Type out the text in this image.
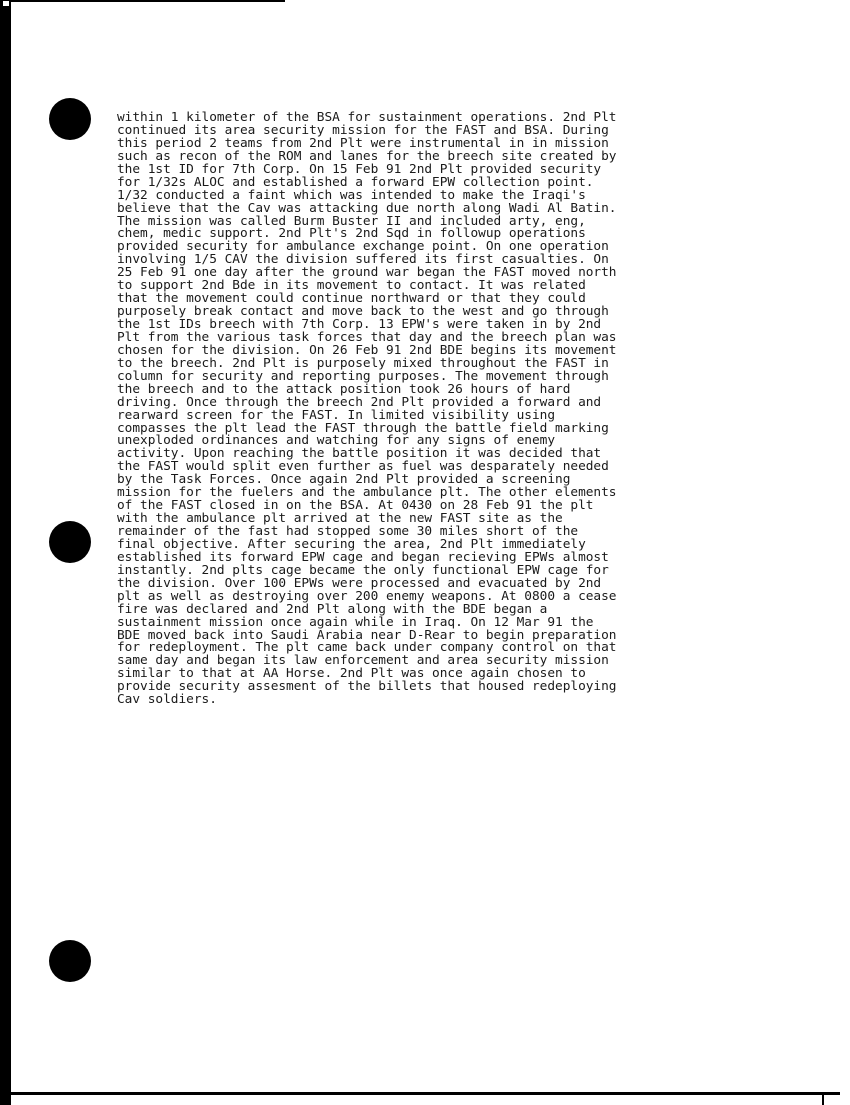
within 1 kilometer of the BSA for sustainment operations. 2nd Plt
continued its area security mission for the FAST and BSA. During
this period 2 teams from 2nd Plt were instrumental in in mission
such as recon of the ROM and lanes for the breech site created by
the 1st ID for 7th Corp. On 15 Feb 91 2nd Plt provided security
for 1/32s ALOC and established a forward EPW collection point.
1/32 conducted a faint which was intended to make the Iraqi's
believe that the Cav was attacking due north along Wadi Al Batin.
The mission was called Burm Buster II and included arty, eng,
chem, medic support. 2nd Plt's 2nd Sqd in followup operations
provided security for ambulance exchange point. On one operation
involving 1/5 CAV the division suffered its first casualties. On
25 Feb 91 one day after the ground war began the FAST moved north
to support 2nd Bde in its movement to contact. It was related
that the movement could continue northward or that they could
purposely break contact and move back to the west and go through
the 1st IDs breech with 7th Corp. 13 EPW's were taken in by 2nd
Plt from the various task forces that day and the breech plan was
chosen for the division. On 26 Feb 91 2nd BDE begins its movement
to the breech. 2nd Plt is purposely mixed throughout the FAST in
column for security and reporting purposes. The movement through
the breech and to the attack position took 26 hours of hard
driving. Once through the breech 2nd Plt provided a forward and
rearward screen for the FAST. In limited visibility using
compasses the plt lead the FAST through the battle field marking
unexploded ordinances and watching for any signs of enemy
activity. Upon reaching the battle position it was decided that
the FAST would split even further as fuel was desparately needed
by the Task Forces. Once again 2nd Plt provided a screening
mission for the fuelers and the ambulance plt. The other elements
of the FAST closed in on the BSA. At 0430 on 28 Feb 91 the plt
with the ambulance plt arrived at the new FAST site as the
remainder of the fast had stopped some 30 miles short of the
final objective. After securing the area, 2nd Plt immediately
established its forward EPW cage and began recieving EPWs almost
instantly. 2nd plts cage became the only functional EPW cage for
the division. Over 100 EPWs were processed and evacuated by 2nd
plt as well as destroying over 200 enemy weapons. At 0800 a cease
fire was declared and 2nd Plt along with the BDE began a
sustainment mission once again while in Iraq. On 12 Mar 91 the
BDE moved back into Saudi Arabia near D-Rear to begin preparation
for redeployment. The plt came back under company control on that
same day and began its law enforcement and area security mission
similar to that at AA Horse. 2nd Plt was once again chosen to
provide security assesment of the billets that housed redeploying
Cav soldiers.
